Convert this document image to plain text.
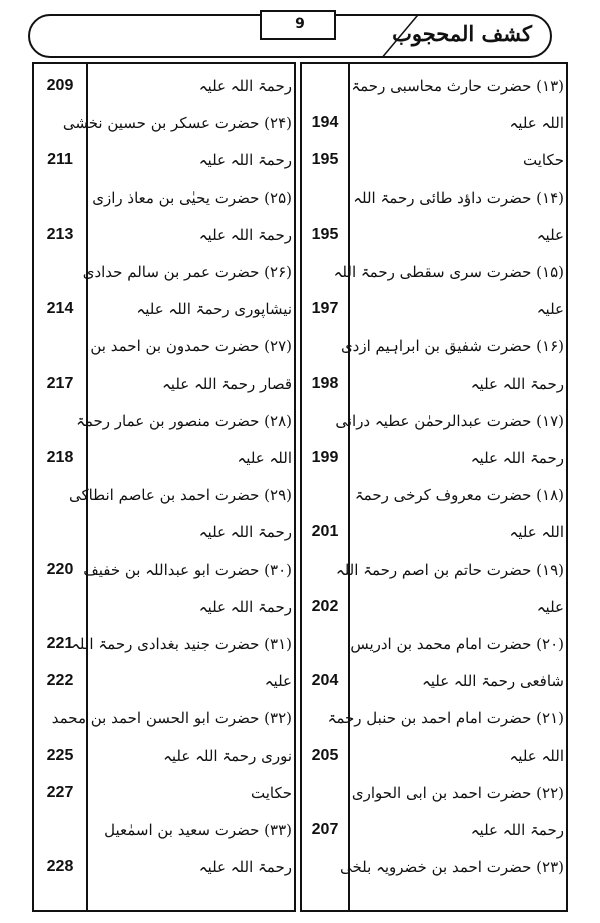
کشف المحجوب
9
رحمۃ اللہ علیہ
(۲۴) حضرت عسکر بن حسین نخشی
رحمۃ اللہ علیہ
(۲۵) حضرت یحیٰی بن معاذ رازی
رحمۃ اللہ علیہ
(۲۶) حضرت عمر بن سالم حدادی
نیشاپوری رحمۃ اللہ علیہ
(۲۷) حضرت حمدون بن احمد بن
قصار رحمۃ اللہ علیہ
(۲۸) حضرت منصور بن عمار رحمۃ
اللہ علیہ
(۲۹) حضرت احمد بن عاصم انطاکی
رحمۃ اللہ علیہ
(۳۰) حضرت ابو عبداللہ بن خفیف
رحمۃ اللہ علیہ
(۳۱) حضرت جنید بغدادی رحمۃ اللہ
علیہ
(۳۲) حضرت ابو الحسن احمد بن محمد
نوری رحمۃ اللہ علیہ
حکایت
(۳۳) حضرت سعید بن اسمٰعیل
رحمۃ اللہ علیہ
209
211
213
214
217
218
220
221
222
225
227
228
(۱۳) حضرت حارث محاسبی رحمۃ
اللہ علیہ
حکایت
(۱۴) حضرت داؤد طائی رحمۃ اللہ
علیہ
(۱۵) حضرت سری سقطی رحمۃ اللہ
علیہ
(۱۶) حضرت شفیق بن ابراہیم ازدی
رحمۃ اللہ علیہ
(۱۷) حضرت عبدالرحمٰن عطیہ درانی
رحمۃ اللہ علیہ
(۱۸) حضرت معروف کرخی رحمۃ
اللہ علیہ
(۱۹) حضرت حاتم بن اصم رحمۃ اللہ
علیہ
(۲۰) حضرت امام محمد بن ادریس
شافعی رحمۃ اللہ علیہ
(۲۱) حضرت امام احمد بن حنبل رحمۃ
اللہ علیہ
(۲۲) حضرت احمد بن ابی الحواری
رحمۃ اللہ علیہ
(۲۳) حضرت احمد بن خضرویہ بلخی
194
195
195
197
198
199
201
202
204
205
207
